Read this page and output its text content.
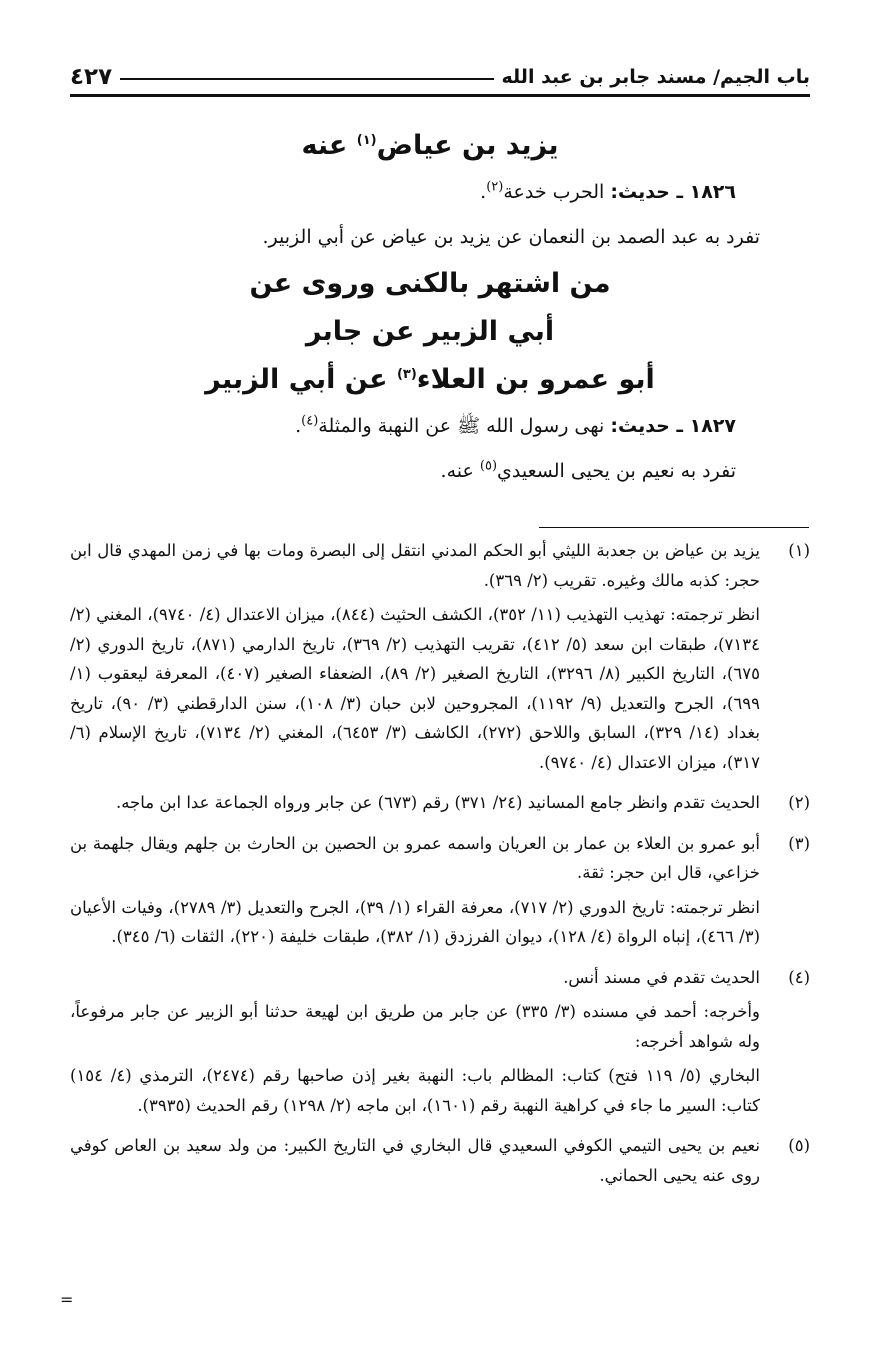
باب الجيم/ مسند جابر بن عبد الله
٤٢٧
يزيد بن عياض$^{(١)}$ عنه
١٨٢٦ ـ حديث: الحرب خدعة$^{(٢)}$.
تفرد به عبد الصمد بن النعمان عن يزيد بن عياض عن أبي الزبير.
من اشتهر بالكنى وروى عن
أبي الزبير عن جابر
أبو عمرو بن العلاء$^{(٣)}$ عن أبي الزبير
١٨٢٧ ـ حديث: نهى رسول الله ﷺ عن النهبة والمثلة$^{(٤)}$.
تفرد به نعيم بن يحيى السعيدي$^{(٥)}$ عنه.
(١)

يزيد بن عياض بن جعدبة الليثي أبو الحكم المدني انتقل إلى البصرة ومات بها في زمن المهدي قال ابن حجر: كذبه مالك وغيره. تقريب (٢/ ٣٦٩).

انظر ترجمته: تهذيب التهذيب (١١/ ٣٥٢)، الكشف الحثيث (٨٤٤)، ميزان الاعتدال (٤/ ٩٧٤٠)، المغني (٢/ ٧١٣٤)، طبقات ابن سعد (٥/ ٤١٢)، تقريب التهذيب (٢/ ٣٦٩)، تاريخ الدارمي (٨٧١)، تاريخ الدوري (٢/ ٦٧٥)، التاريخ الكبير (٨/ ٣٢٩٦)، التاريخ الصغير (٢/ ٨٩)، الضعفاء الصغير (٤٠٧)، المعرفة ليعقوب (١/ ٦٩٩)، الجرح والتعديل (٩/ ١١٩٢)، المجروحين لابن حبان (٣/ ١٠٨)، سنن الدارقطني (٣/ ٩٠)، تاريخ بغداد (١٤/ ٣٢٩)، السابق واللاحق (٢٧٢)، الكاشف (٣/ ٦٤٥٣)، المغني (٢/ ٧١٣٤)، تاريخ الإسلام (٦/ ٣١٧)، ميزان الاعتدال (٤/ ٩٧٤٠).

(٢)

الحديث تقدم وانظر جامع المسانيد (٢٤/ ٣٧١) رقم (٦٧٣) عن جابر ورواه الجماعة عدا ابن ماجه.

(٣)

أبو عمرو بن العلاء بن عمار بن العريان واسمه عمرو بن الحصين بن الحارث بن جلهم ويقال جلهمة بن خزاعي، قال ابن حجر: ثقة.

انظر ترجمته: تاريخ الدوري (٢/ ٧١٧)، معرفة القراء (١/ ٣٩)، الجرح والتعديل (٣/ ٢٧٨٩)، وفيات الأعيان (٣/ ٤٦٦)، إنباه الرواة (٤/ ١٢٨)، ديوان الفرزدق (١/ ٣٨٢)، طبقات خليفة (٢٢٠)، الثقات (٦/ ٣٤٥).

(٤)

الحديث تقدم في مسند أنس.

وأخرجه: أحمد في مسنده (٣/ ٣٣٥) عن جابر من طريق ابن لهيعة حدثنا أبو الزبير عن جابر مرفوعاً، وله شواهد أخرجه:

البخاري (٥/ ١١٩ فتح) كتاب: المظالم باب: النهبة بغير إذن صاحبها رقم (٢٤٧٤)، الترمذي (٤/ ١٥٤) كتاب: السير ما جاء في كراهية النهبة رقم (١٦٠١)، ابن ماجه (٢/ ١٢٩٨) رقم الحديث (٣٩٣٥).

(٥)

نعيم بن يحيى التيمي الكوفي السعيدي قال البخاري في التاريخ الكبير: من ولد سعيد بن العاص كوفي روى عنه يحيى الحماني.

=
